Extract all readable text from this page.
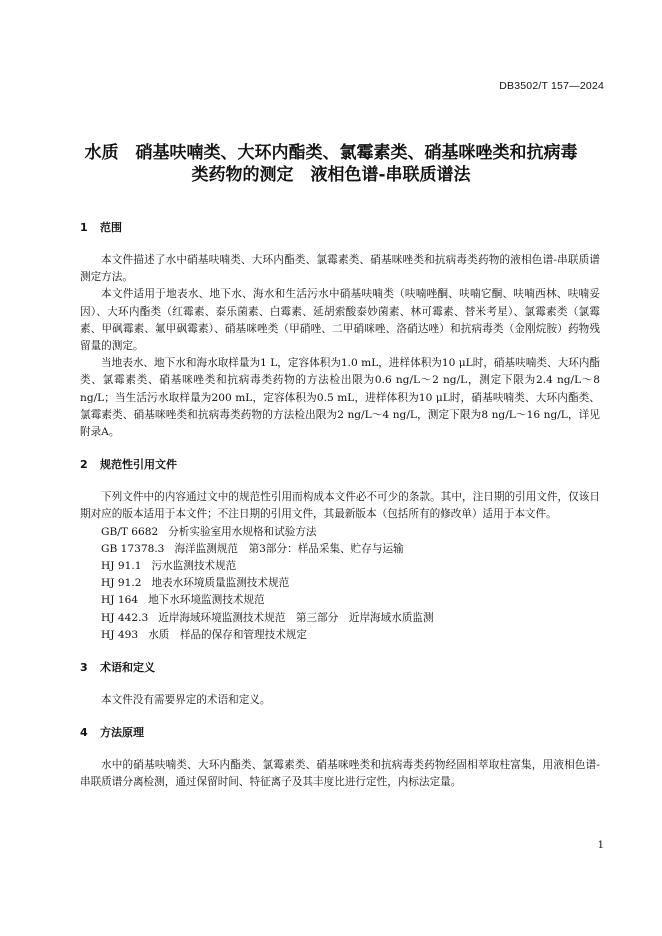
DB3502/T 157—2024
水质　硝基呋喃类、大环内酯类、氯霉素类、硝基咪唑类和抗病毒
类药物的测定　液相色谱-串联质谱法

1 范围

本文件描述了水中硝基呋喃类、大环内酯类、氯霉素类、硝基咪唑类和抗病毒类药物的液相色谱-串联质谱测定方法。

本文件适用于地表水、地下水、海水和生活污水中硝基呋喃类（呋喃唑酮、呋喃它酮、呋喃西林、呋喃妥因）、大环内酯类（红霉素、泰乐菌素、白霉素、延胡索酸泰妙菌素、林可霉素、替米考星）、氯霉素类（氯霉素、甲砜霉素、氟甲砜霉素）、硝基咪唑类（甲硝唑、二甲硝咪唑、洛硝达唑）和抗病毒类（金刚烷胺）药物残留量的测定。

当地表水、地下水和海水取样量为1 L，定容体积为1.0 mL，进样体积为10 μL时，硝基呋喃类、大环内酯类、氯霉素类、硝基咪唑类和抗病毒类药物的方法检出限为0.6 ng/L～2 ng/L，测定下限为2.4 ng/L～8 ng/L；当生活污水取样量为200 mL，定容体积为0.5 mL，进样体积为10 μL时，硝基呋喃类、大环内酯类、氯霉素类、硝基咪唑类和抗病毒类药物的方法检出限为2 ng/L～4 ng/L，测定下限为8 ng/L～16 ng/L，详见附录A。

2 规范性引用文件

下列文件中的内容通过文中的规范性引用而构成本文件必不可少的条款。其中，注日期的引用文件，仅该日期对应的版本适用于本文件；不注日期的引用文件，其最新版本（包括所有的修改单）适用于本文件。

GB/T 6682 分析实验室用水规格和试验方法
GB 17378.3 海洋监测规范　第3部分：样品采集、贮存与运输
HJ 91.1 污水监测技术规范
HJ 91.2 地表水环境质量监测技术规范
HJ 164 地下水环境监测技术规范
HJ 442.3 近岸海域环境监测技术规范　第三部分　近岸海域水质监测
HJ 493 水质　样品的保存和管理技术规定

3 术语和定义

本文件没有需要界定的术语和定义。

4 方法原理

水中的硝基呋喃类、大环内酯类、氯霉素类、硝基咪唑类和抗病毒类药物经固相萃取柱富集，用液相色谱-串联质谱分离检测，通过保留时间、特征离子及其丰度比进行定性，内标法定量。

1
